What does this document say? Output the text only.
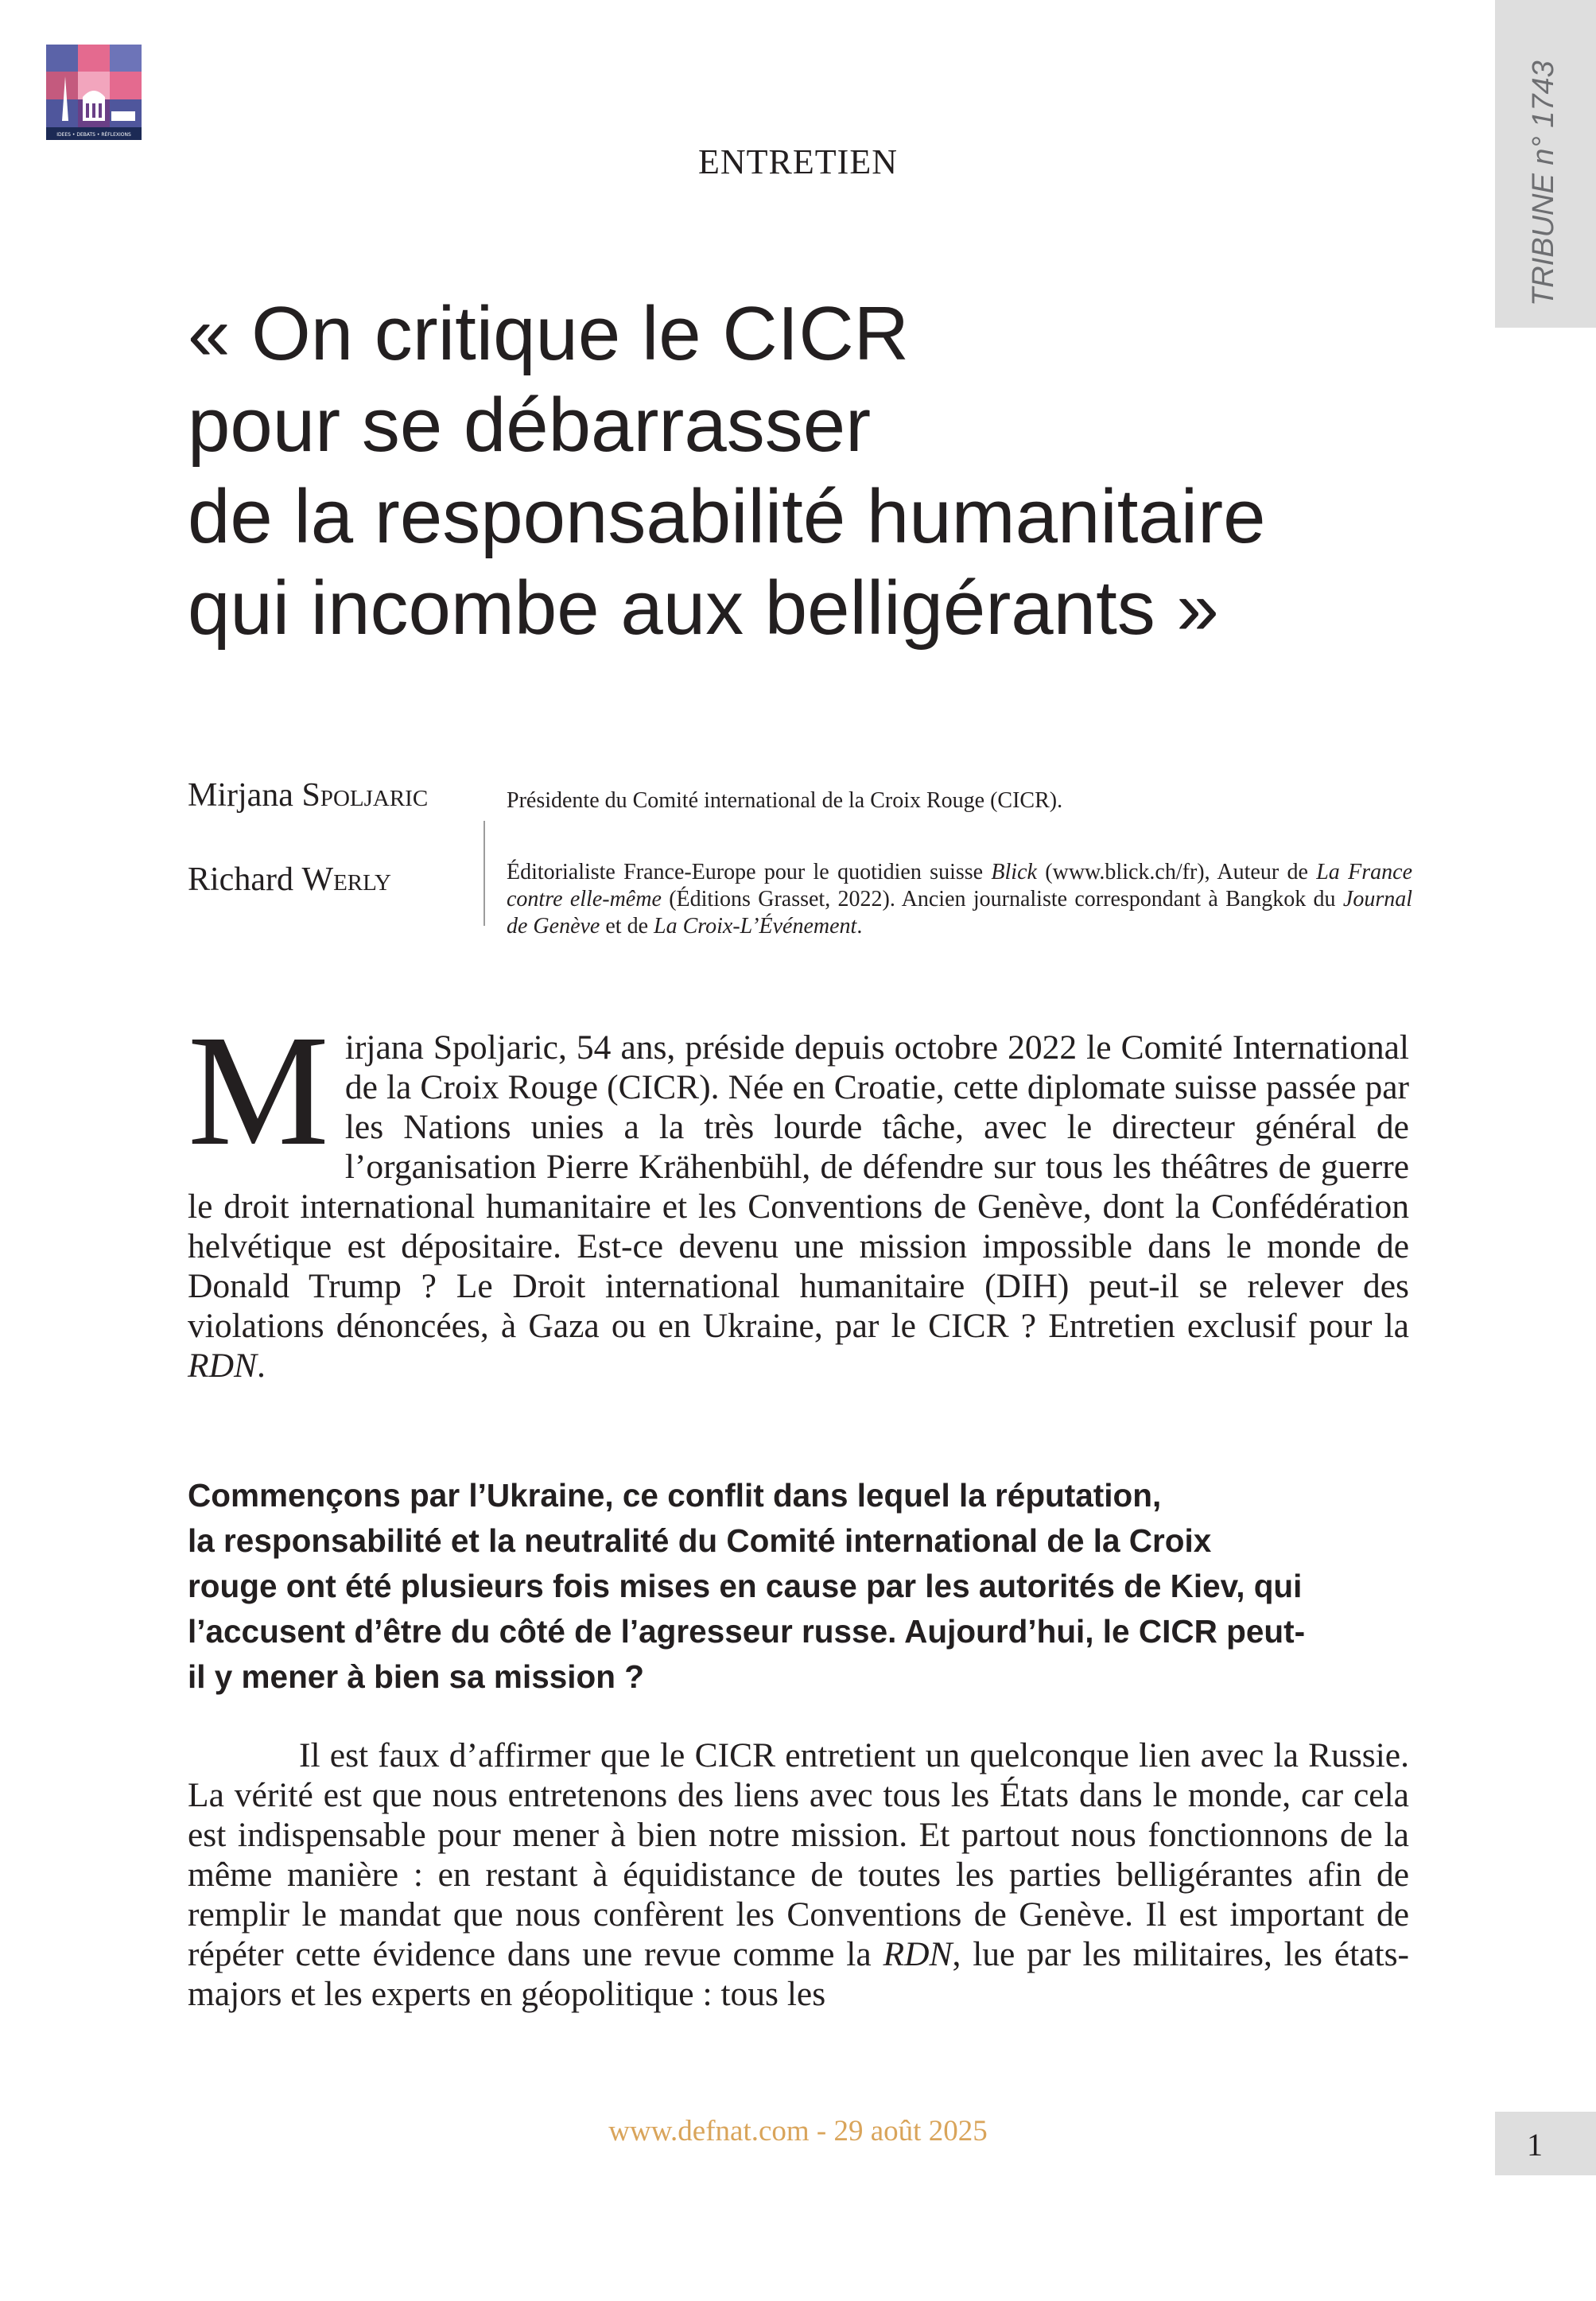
IDEES • DEBATS • RÉFLEXIONS	TRIBUNE n° 1743
ENTRETIEN
« On critique le CICR
pour se débarrasser
de la responsabilité humanitaire
qui incombe aux belligérants »
Mirjana Spoljaric
Richard Werly
Présidente du Comité international de la Croix Rouge (CICR).
Éditorialiste France-Europe pour le quotidien suisse Blick (www.blick.ch/fr), Auteur de La France contre elle-même (Éditions Grasset, 2022). Ancien journaliste correspondant à Bangkok du Journal de Genève et de La Croix-L’Événement.

Mirjana Spoljaric, 54 ans, préside depuis octobre 2022 le Comité International de la Croix Rouge (CICR). Née en Croatie, cette diplomate suisse passée par les Nations unies a la très lourde tâche, avec le directeur général de l’organisation Pierre Krähenbühl, de défendre sur tous les théâtres de guerre le droit international humanitaire et les Conventions de Genève, dont la Confédération helvétique est dépositaire. Est-ce devenu une mission impossible dans le monde de Donald Trump ? Le Droit international humanitaire (DIH) peut-il se relever des violations dénoncées, à Gaza ou en Ukraine, par le CICR ? Entretien exclusif pour la RDN.

Commençons par l’Ukraine, ce conflit dans lequel la réputation,
la responsabilité et la neutralité du Comité international de la Croix
rouge ont été plusieurs fois mises en cause par les autorités de Kiev, qui
l’accusent d’être du côté de l’agresseur russe. Aujourd’hui, le CICR peut-
il y mener à bien sa mission ?

Il est faux d’affirmer que le CICR entretient un quelconque lien avec la Russie. La vérité est que nous entretenons des liens avec tous les États dans le monde, car cela est indispensable pour mener à bien notre mission. Et partout nous fonctionnons de la même manière : en restant à équidistance de toutes les parties belligérantes afin de remplir le mandat que nous confèrent les Conventions de Genève. Il est important de répéter cette évidence dans une revue comme la RDN, lue par les militaires, les états-majors et les experts en géopolitique : tous les

www.defnat.com - 29 août 2025	1
